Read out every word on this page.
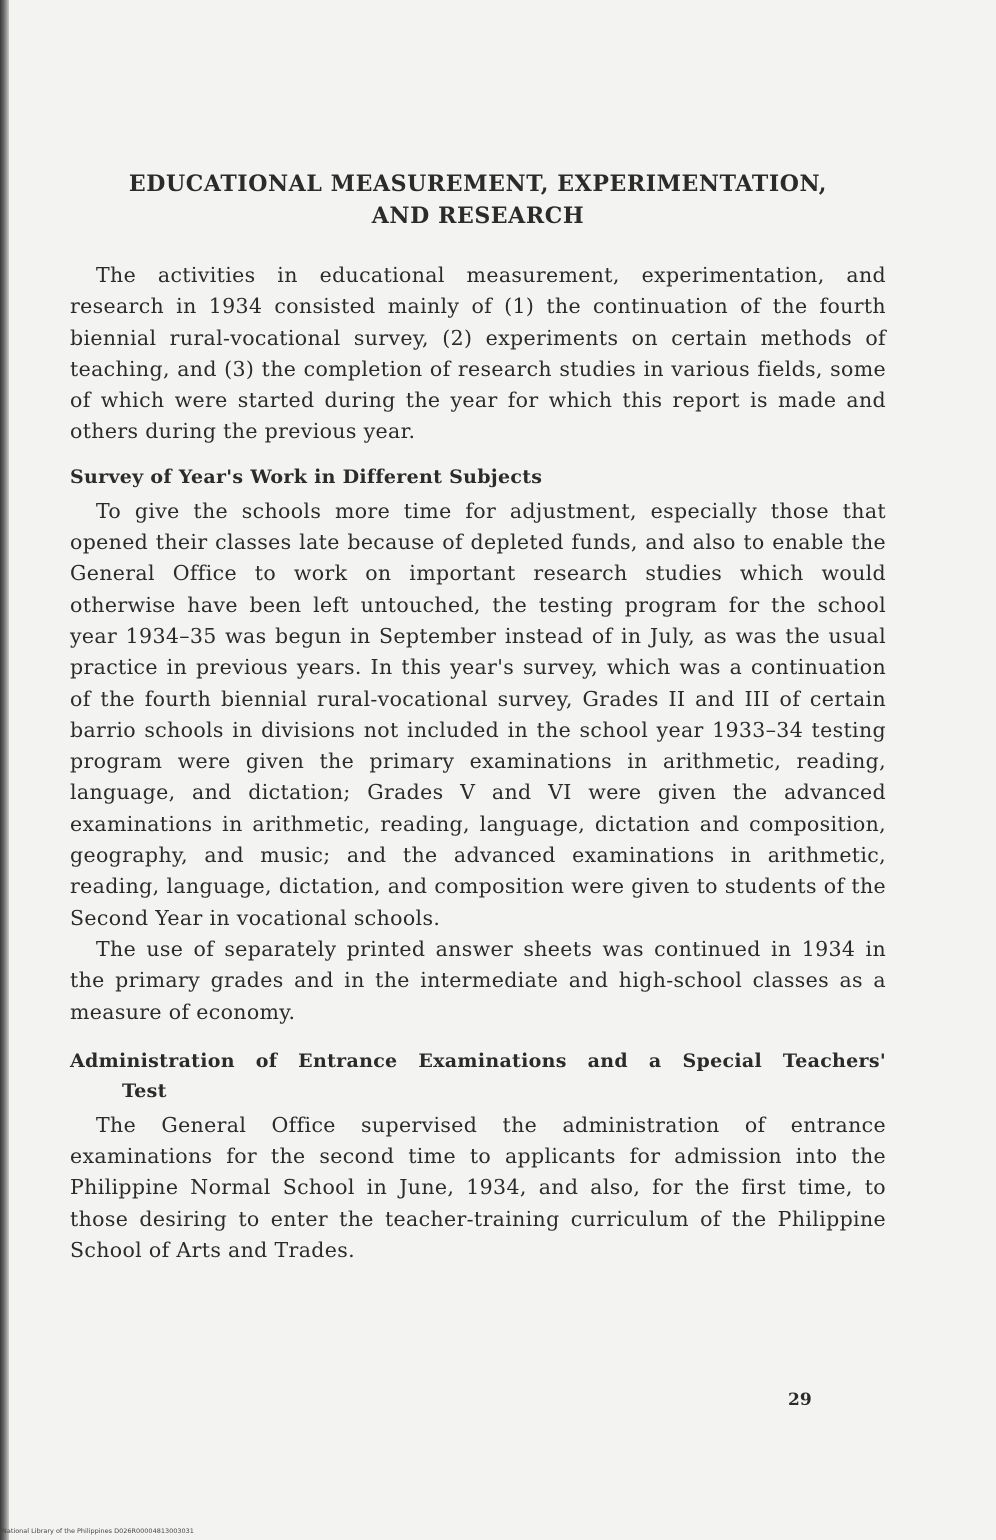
EDUCATIONAL MEASUREMENT, EXPERIMENTATION,
AND RESEARCH

The activities in educational measurement, experimentation, and research in 1934 consisted mainly of (1) the continuation of the fourth biennial rural-vocational survey, (2) experiments on certain methods of teaching, and (3) the completion of research studies in various fields, some of which were started during the year for which this report is made and others during the previous year.

Survey of Year's Work in Different Subjects

To give the schools more time for adjustment, especially those that opened their classes late because of depleted funds, and also to enable the General Office to work on important research studies which would otherwise have been left untouched, the testing program for the school year 1934–35 was begun in September instead of in July, as was the usual practice in previous years. In this year's survey, which was a continuation of the fourth biennial rural-vocational survey, Grades II and III of certain barrio schools in divisions not included in the school year 1933–34 testing program were given the primary examinations in arithmetic, reading, language, and dictation; Grades V and VI were given the advanced examinations in arithmetic, reading, language, dictation and composition, geography, and music; and the advanced examinations in arithmetic, reading, language, dictation, and composition were given to students of the Second Year in vocational schools.

The use of separately printed answer sheets was continued in 1934 in the primary grades and in the intermediate and high-school classes as a measure of economy.

Administration of Entrance Examinations and a Special Teachers' Test

The General Office supervised the administration of entrance examinations for the second time to applicants for admission into the Philippine Normal School in June, 1934, and also, for the first time, to those desiring to enter the teacher-training curriculum of the Philippine School of Arts and Trades.

29
National Library of the Philippines D026R00004813003031
